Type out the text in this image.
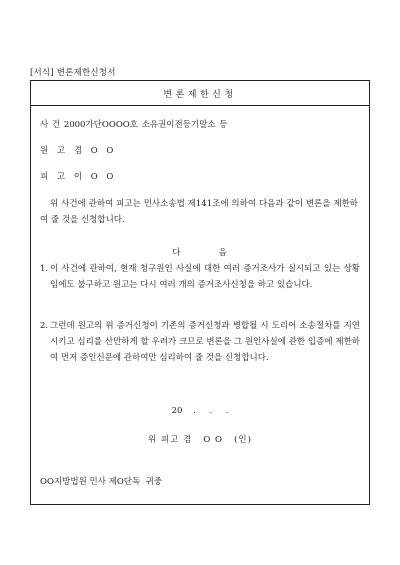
[서식] 변론제한신청서
변론제한신청
사 건 2000가단OOOO호 소유권이전등기말소 등
원 고 겸 O O
피 고 이 O O
위 사건에 관하여 피고는 민사소송법 제141조에 의하여 다음과 같이 변론을 제한하여 줄 것을 신청합니다.
다          음
1. 이 사건에 관하여, 현재 청구원인 사실에 대한 여러 증거조사가 실시되고 있는 상황임에도 불구하고 원고는 다시 여러 개의 증거조사신청을 하고 있습니다.
2. 그런데 원고의 위 증거신청이 기존의 증거신청과 병합될 시 도리어 소송절차를 지연 시키고 심리를 산만하게 할 우려가 크므로 변론을 그 원인사실에 관한 입증에 제한하여 먼저 증인신문에 관하여만 심리하여 줄 것을 신청합니다.
20    .     .     .
위 피고 겸   O O   (인)
OO지방법원 민사 제O단독  귀중
